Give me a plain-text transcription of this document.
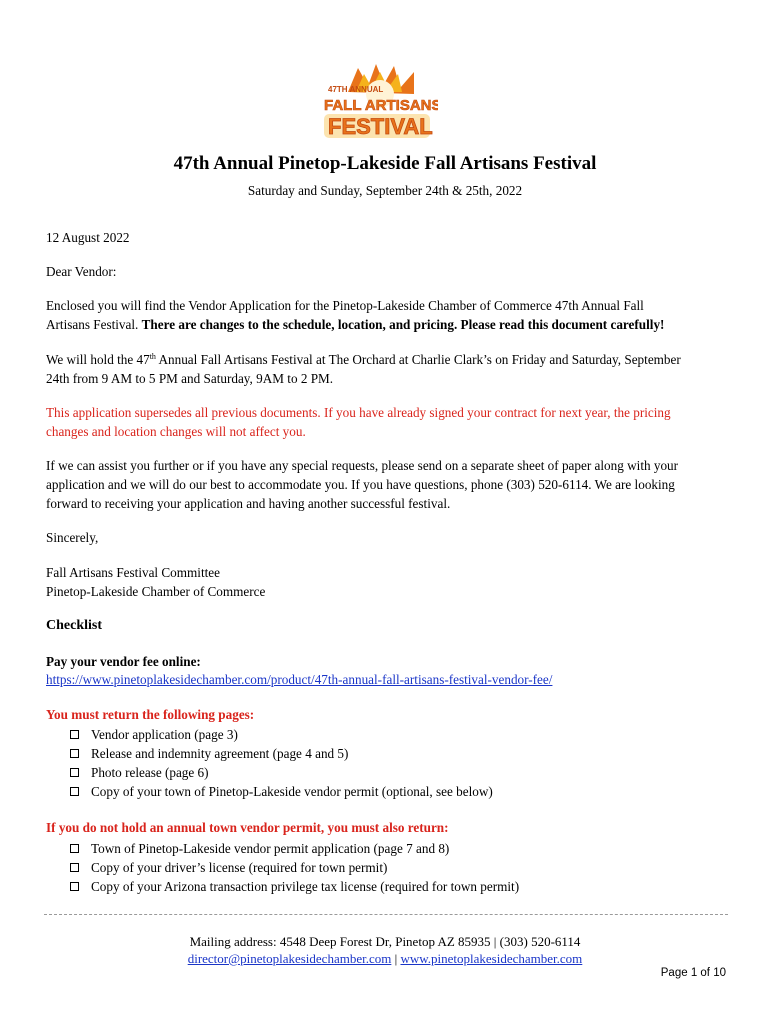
47TH ANNUAL
FALL ARTISANS
FESTIVAL
47th Annual Pinetop-Lakeside Fall Artisans Festival
Saturday and Sunday, September 24th & 25th, 2022
12 August 2022
Dear Vendor:
Enclosed you will find the Vendor Application for the Pinetop-Lakeside Chamber of Commerce 47th Annual Fall
Artisans Festival. There are changes to the schedule, location, and pricing. Please read this document carefully!
We will hold the 47th Annual Fall Artisans Festival at The Orchard at Charlie Clark’s on Friday and Saturday, September
24th from 9 AM to 5 PM and Saturday, 9AM to 2 PM.
This application supersedes all previous documents. If you have already signed your contract for next year, the pricing
changes and location changes will not affect you.
If we can assist you further or if you have any special requests, please send on a separate sheet of paper along with your
application and we will do our best to accommodate you. If you have questions, phone (303) 520-6114. We are looking
forward to receiving your application and having another successful festival.
Sincerely,
Fall Artisans Festival Committee
Pinetop-Lakeside Chamber of Commerce
Checklist
Pay your vendor fee online:
https://www.pinetoplakesidechamber.com/product/47th-annual-fall-artisans-festival-vendor-fee/
You must return the following pages:
Vendor application (page 3)
Release and indemnity agreement (page 4 and 5)
Photo release (page 6)
Copy of your town of Pinetop-Lakeside vendor permit (optional, see below)
If you do not hold an annual town vendor permit, you must also return:
Town of Pinetop-Lakeside vendor permit application (page 7 and 8)
Copy of your driver’s license (required for town permit)
Copy of your Arizona transaction privilege tax license (required for town permit)
Mailing address: 4548 Deep Forest Dr, Pinetop AZ 85935 | (303) 520-6114
director@pinetoplakesidechamber.com | www.pinetoplakesidechamber.com
Page 1 of 10
